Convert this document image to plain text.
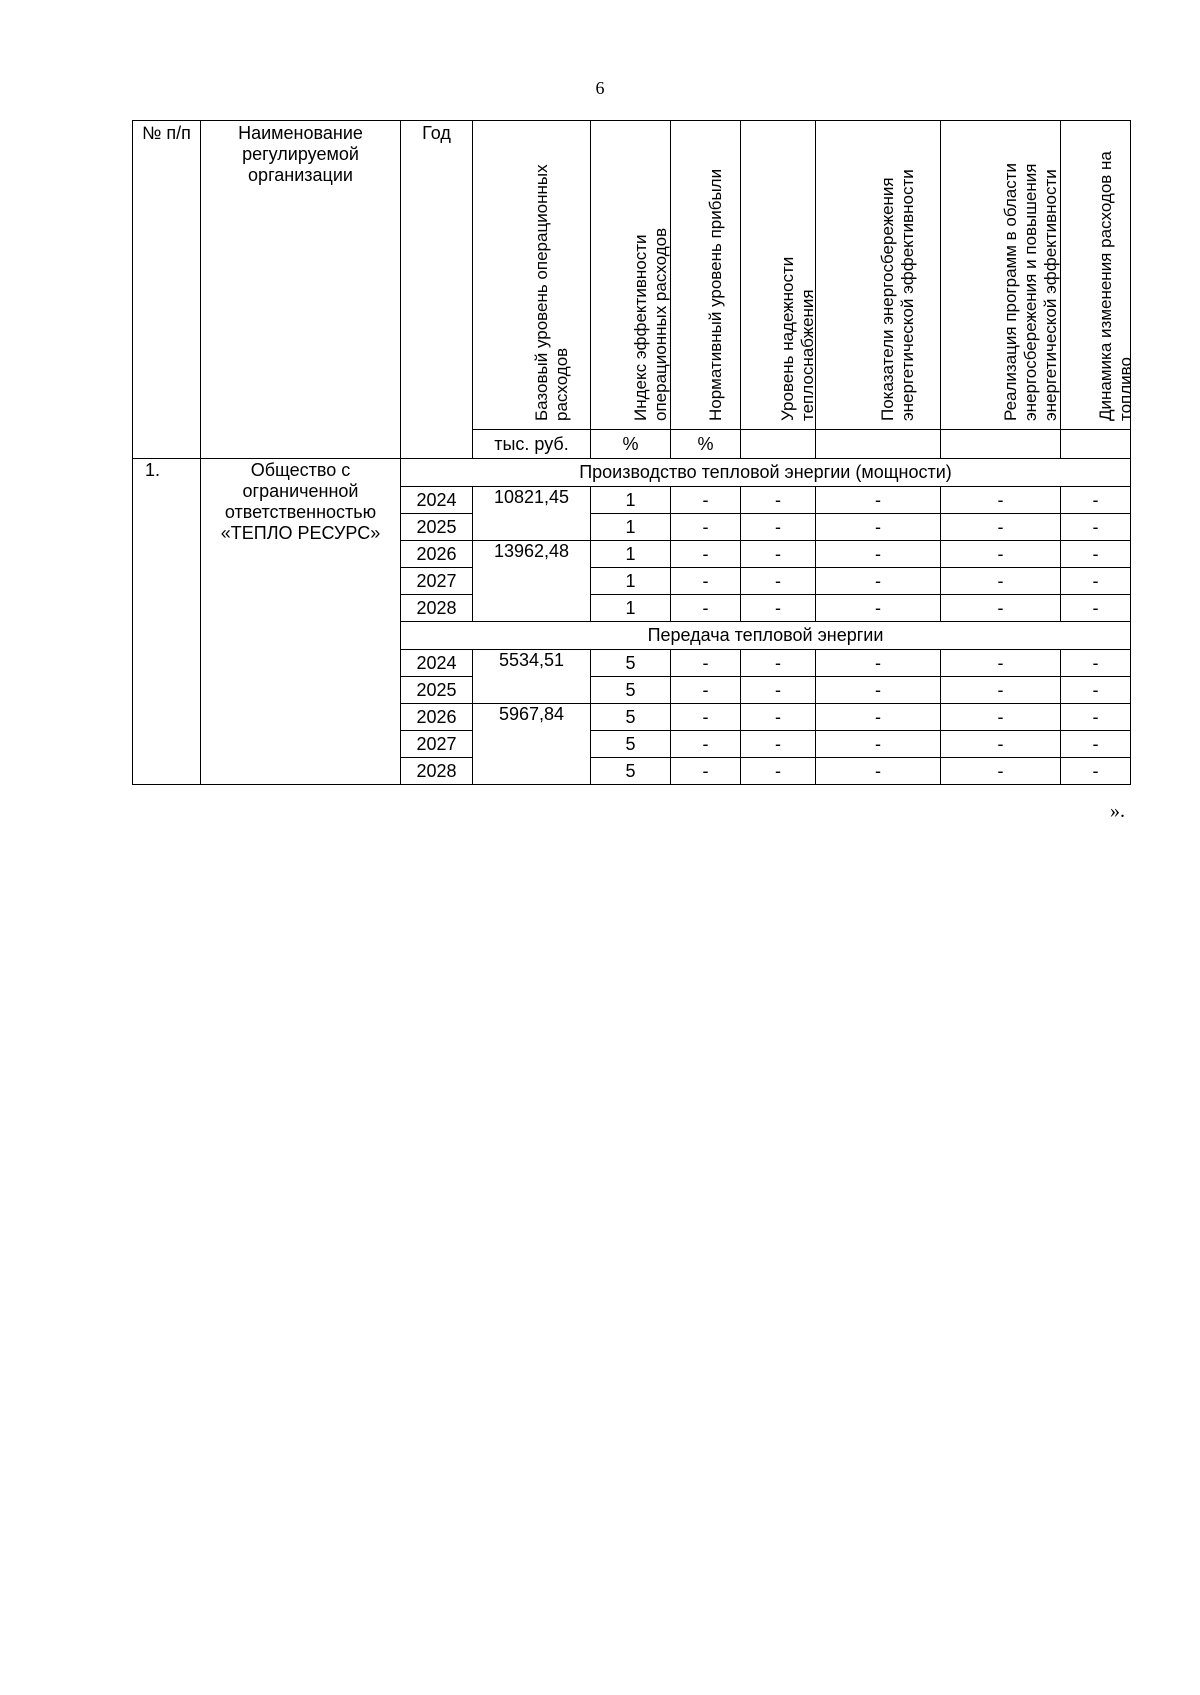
6
№ п/п	Наименование регулируемой организации	Год	Базовый уровень операционных расходов	Индекс эффективности операционных расходов	Нормативный уровень прибыли	Уровень надежности теплоснабжения	Показатели энергосбережения энергетической эффективности	Реализация программ в области энергосбережения и повышения энергетической эффективности	Динамика изменения расходов на топливо

			тыс. руб.	%	%				
1.	Общество с ограниченной ответственностью «ТЕПЛО РЕСУРС»	Производство тепловой энергии (мощности)							
		2024	10821,45	1	-	-	-	-	-
		2025		1	-	-	-	-	-
		2026	13962,48	1	-	-	-	-	-
		2027		1	-	-	-	-	-
		2028		1	-	-	-	-	-
		Передача тепловой энергии							
		2024	5534,51	5	-	-	-	-	-
		2025		5	-	-	-	-	-
		2026	5967,84	5	-	-	-	-	-
		2027		5	-	-	-	-	-
		2028		5	-	-	-	-	-
».
